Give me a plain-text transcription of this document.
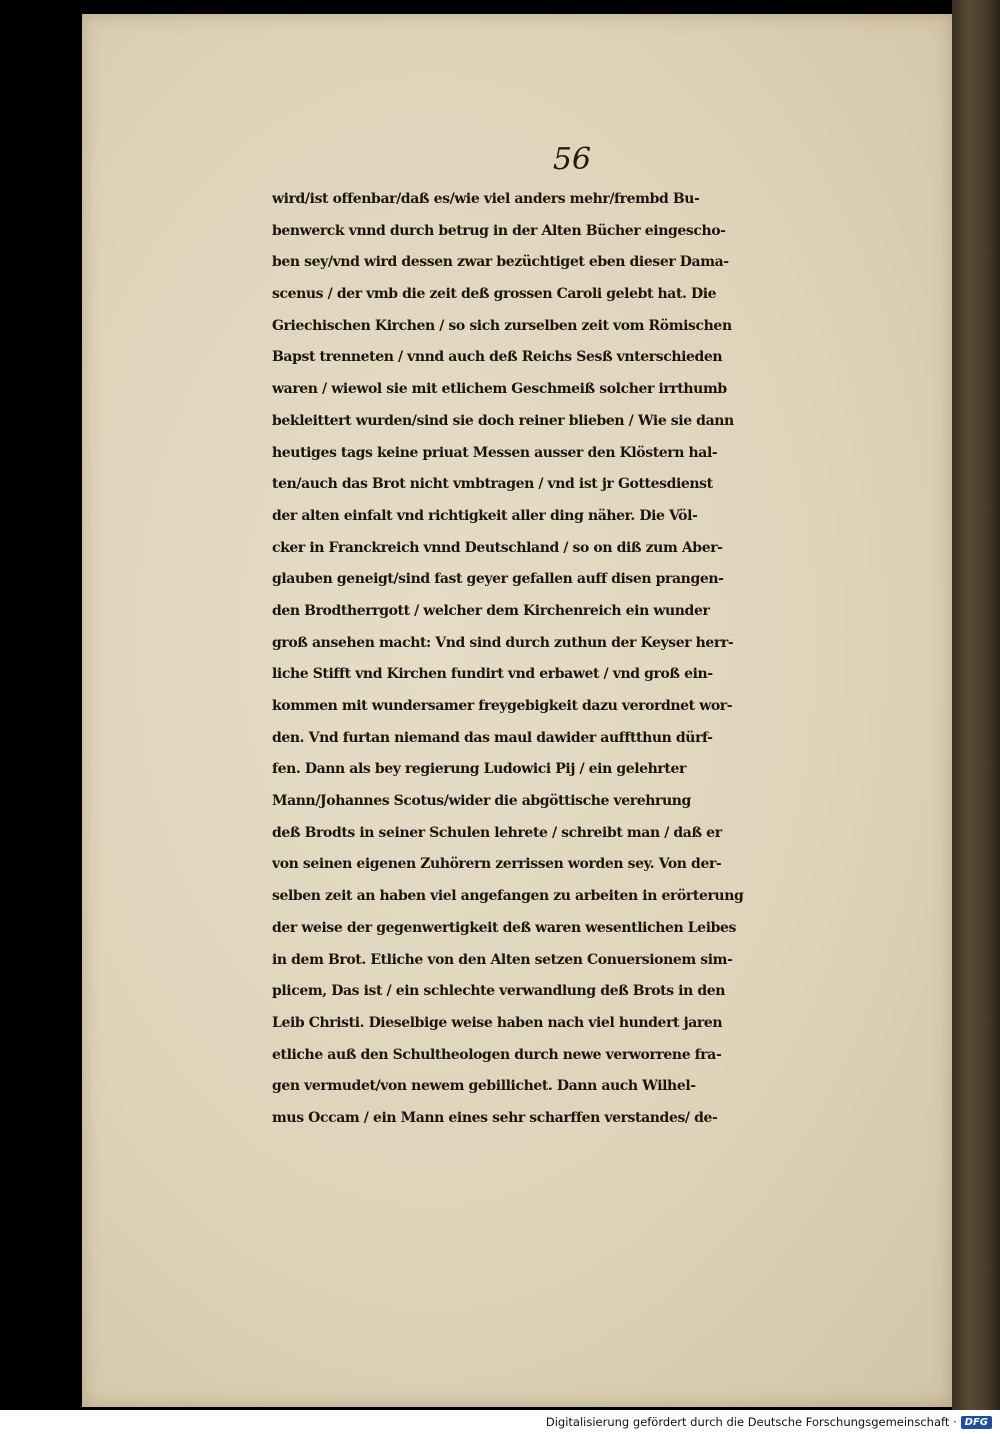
56
wird/ist offenbar/daß es/wie viel anders mehr/frembd Bu-
benwerck vnnd durch betrug in der Alten Bücher eingescho-
ben sey/vnd wird dessen zwar bezüchtiget eben dieser Dama-
scenus / der vmb die zeit deß grossen Caroli gelebt hat. Die
Griechischen Kirchen / so sich zurselben zeit vom Römischen
Bapst trenneten / vnnd auch deß Reichs Sesß vnterschieden
waren / wiewol sie mit etlichem Geschmeiß solcher irrthumb
bekleittert wurden/sind sie doch reiner blieben / Wie sie dann
heutiges tags keine priuat Messen ausser den Klöstern hal-
ten/auch das Brot nicht vmbtragen / vnd ist jr Gottesdienst
der alten einfalt vnd richtigkeit aller ding näher. Die Völ-
cker in Franckreich vnnd Deutschland / so on diß zum Aber-
glauben geneigt/sind fast geyer gefallen auff disen prangen-
den Brodtherrgott / welcher dem Kirchenreich ein wunder
groß ansehen macht: Vnd sind durch zuthun der Keyser herr-
liche Stifft vnd Kirchen fundirt vnd erbawet / vnd groß ein-
kommen mit wundersamer freygebigkeit dazu verordnet wor-
den. Vnd furtan niemand das maul dawider aufftthun dürf-
fen. Dann als bey regierung Ludowici Pij / ein gelehrter
Mann/Johannes Scotus/wider die abgöttische verehrung
deß Brodts in seiner Schulen lehrete / schreibt man / daß er
von seinen eigenen Zuhörern zerrissen worden sey. Von der-
selben zeit an haben viel angefangen zu arbeiten in erörterung
der weise der gegenwertigkeit deß waren wesentlichen Leibes
in dem Brot. Etliche von den Alten setzen Conuersionem sim-
plicem, Das ist / ein schlechte verwandlung deß Brots in den
Leib Christi. Dieselbige weise haben nach viel hundert jaren
etliche auß den Schultheologen durch newe verworrene fra-
gen vermudet/von newem gebillichet. Dann auch Wilhel-
mus Occam / ein Mann eines sehr scharffen verstandes/ de-
Digitalisierung gefördert durch die Deutsche Forschungsgemeinschaft · DFG
